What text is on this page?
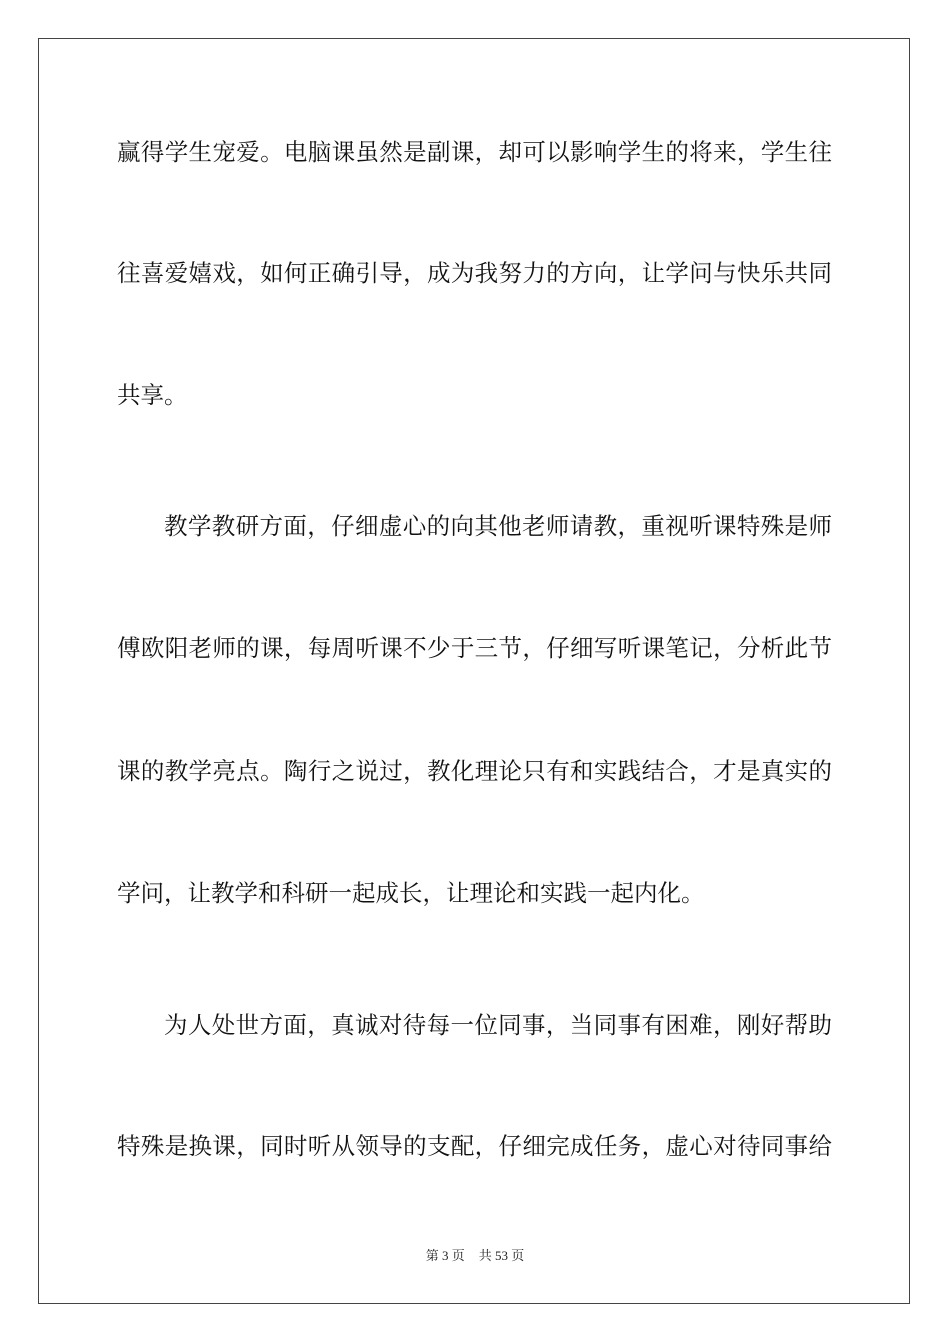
赢得学生宠爱。电脑课虽然是副课，却可以影响学生的将来，学生往
往喜爱嬉戏，如何正确引导，成为我努力的方向，让学问与快乐共同
共享。
教学教研方面，仔细虚心的向其他老师请教，重视听课特殊是师
傅欧阳老师的课，每周听课不少于三节，仔细写听课笔记，分析此节
课的教学亮点。陶行之说过，教化理论只有和实践结合，才是真实的
学问，让教学和科研一起成长，让理论和实践一起内化。
为人处世方面，真诚对待每一位同事，当同事有困难，刚好帮助
特殊是换课，同时听从领导的支配，仔细完成任务，虚心对待同事给
第 3 页 共 53 页
